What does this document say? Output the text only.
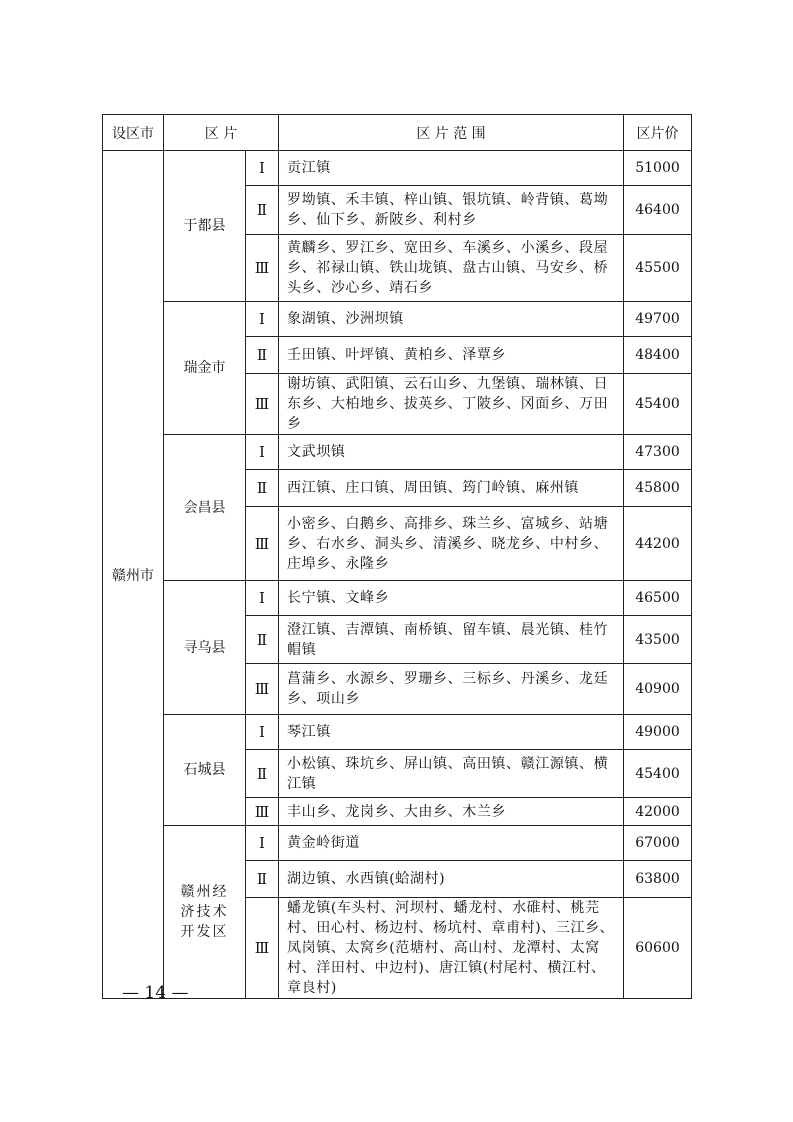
设区市	区 片		区 片 范 围	区片价
赣州市	于都县	Ⅰ	贡江镇	51000
		Ⅱ	罗坳镇、禾丰镇、梓山镇、银坑镇、岭背镇、葛坳乡、仙下乡、新陂乡、利村乡	46400
		Ⅲ	黄麟乡、罗江乡、宽田乡、车溪乡、小溪乡、段屋乡、祁禄山镇、铁山垅镇、盘古山镇、马安乡、桥头乡、沙心乡、靖石乡	45500
	瑞金市	Ⅰ	象湖镇、沙洲坝镇	49700
		Ⅱ	壬田镇、叶坪镇、黄柏乡、泽覃乡	48400
		Ⅲ	谢坊镇、武阳镇、云石山乡、九堡镇、瑞林镇、日东乡、大柏地乡、拔英乡、丁陂乡、冈面乡、万田乡	45400
	会昌县	Ⅰ	文武坝镇	47300
		Ⅱ	西江镇、庄口镇、周田镇、筠门岭镇、麻州镇	45800
		Ⅲ	小密乡、白鹅乡、高排乡、珠兰乡、富城乡、站塘乡、右水乡、洞头乡、清溪乡、晓龙乡、中村乡、庄埠乡、永隆乡	44200
	寻乌县	Ⅰ	长宁镇、文峰乡	46500
		Ⅱ	澄江镇、吉潭镇、南桥镇、留车镇、晨光镇、桂竹帽镇	43500
		Ⅲ	菖蒲乡、水源乡、罗珊乡、三标乡、丹溪乡、龙廷乡、项山乡	40900
	石城县	Ⅰ	琴江镇	49000
		Ⅱ	小松镇、珠坑乡、屏山镇、高田镇、赣江源镇、横江镇	45400
		Ⅲ	丰山乡、龙岗乡、大由乡、木兰乡	42000
	赣州经济技术开发区	Ⅰ	黄金岭街道	67000
		Ⅱ	湖边镇、水西镇(蛤湖村)	63800
		Ⅲ	蟠龙镇(车头村、河坝村、蟠龙村、水碓村、桃芫村、田心村、杨边村、杨坑村、章甫村)、三江乡、凤岗镇、太窝乡(范塘村、高山村、龙潭村、太窝村、洋田村、中边村)、唐江镇(村尾村、横江村、章良村)	60600
— 14 —
